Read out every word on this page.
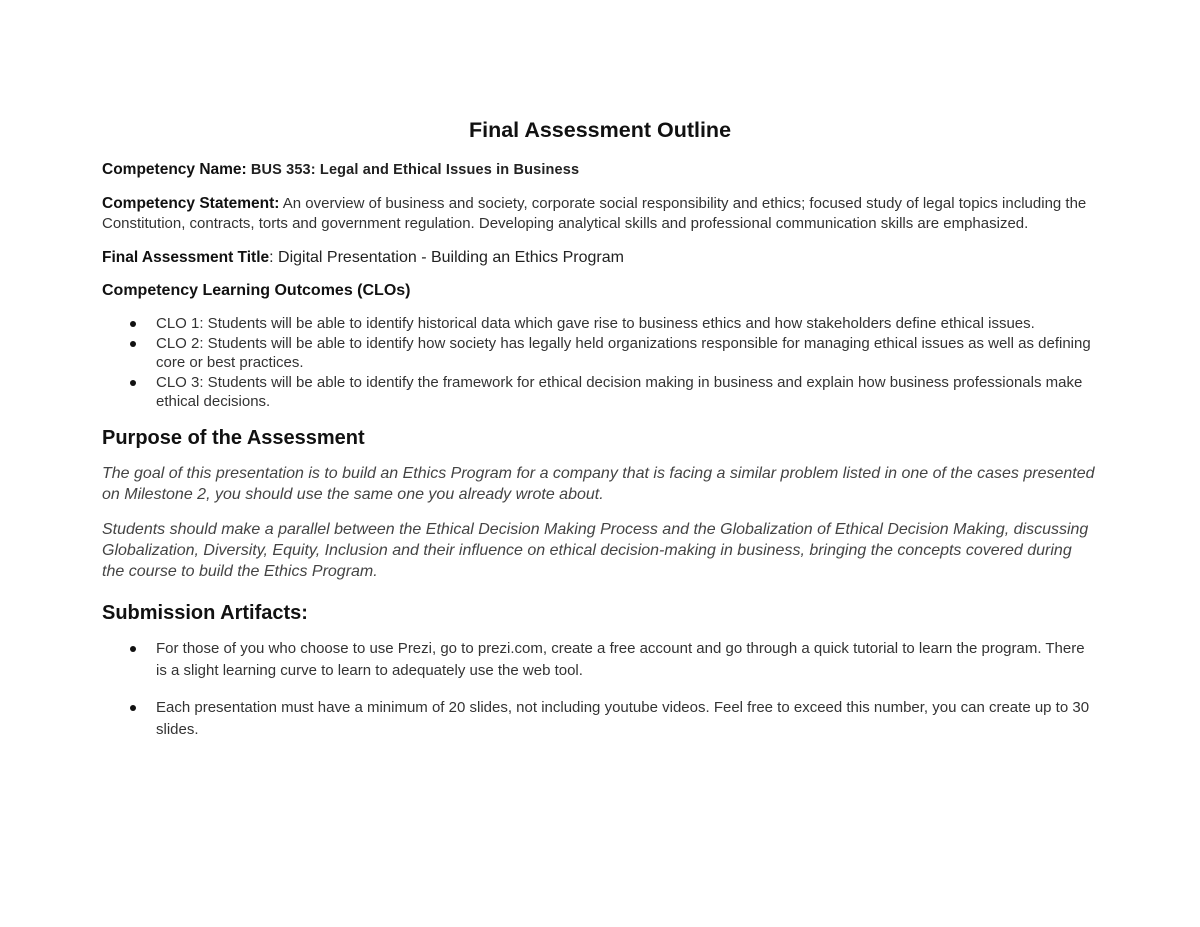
Final Assessment Outline

Competency Name: BUS 353: Legal and Ethical Issues in Business

Competency Statement: An overview of business and society, corporate social responsibility and ethics; focused study of legal topics including the Constitution, contracts, torts and government regulation. Developing analytical skills and professional communication skills are emphasized.

Final Assessment Title: Digital Presentation - Building an Ethics Program

Competency Learning Outcomes (CLOs)
CLO 1: Students will be able to identify historical data which gave rise to business ethics and how stakeholders define ethical issues.
CLO 2: Students will be able to identify how society has legally held organizations responsible for managing ethical issues as well as defining core or best practices.
CLO 3: Students will be able to identify the framework for ethical decision making in business and explain how business professionals make ethical decisions.
Purpose of the Assessment

The goal of this presentation is to build an Ethics Program for a company that is facing a similar problem listed in one of the cases presented on Milestone 2, you should use the same one you already wrote about.

Students should make a parallel between the Ethical Decision Making Process and the Globalization of Ethical Decision Making, discussing Globalization, Diversity, Equity, Inclusion and their influence on ethical decision-making in business, bringing the concepts covered during the course to build the Ethics Program.

Submission Artifacts:
For those of you who choose to use Prezi, go to prezi.com, create a free account and go through a quick tutorial to learn the program. There is a slight learning curve to learn to adequately use the web tool.
Each presentation must have a minimum of 20 slides, not including youtube videos. Feel free to exceed this number, you can create up to 30 slides.
